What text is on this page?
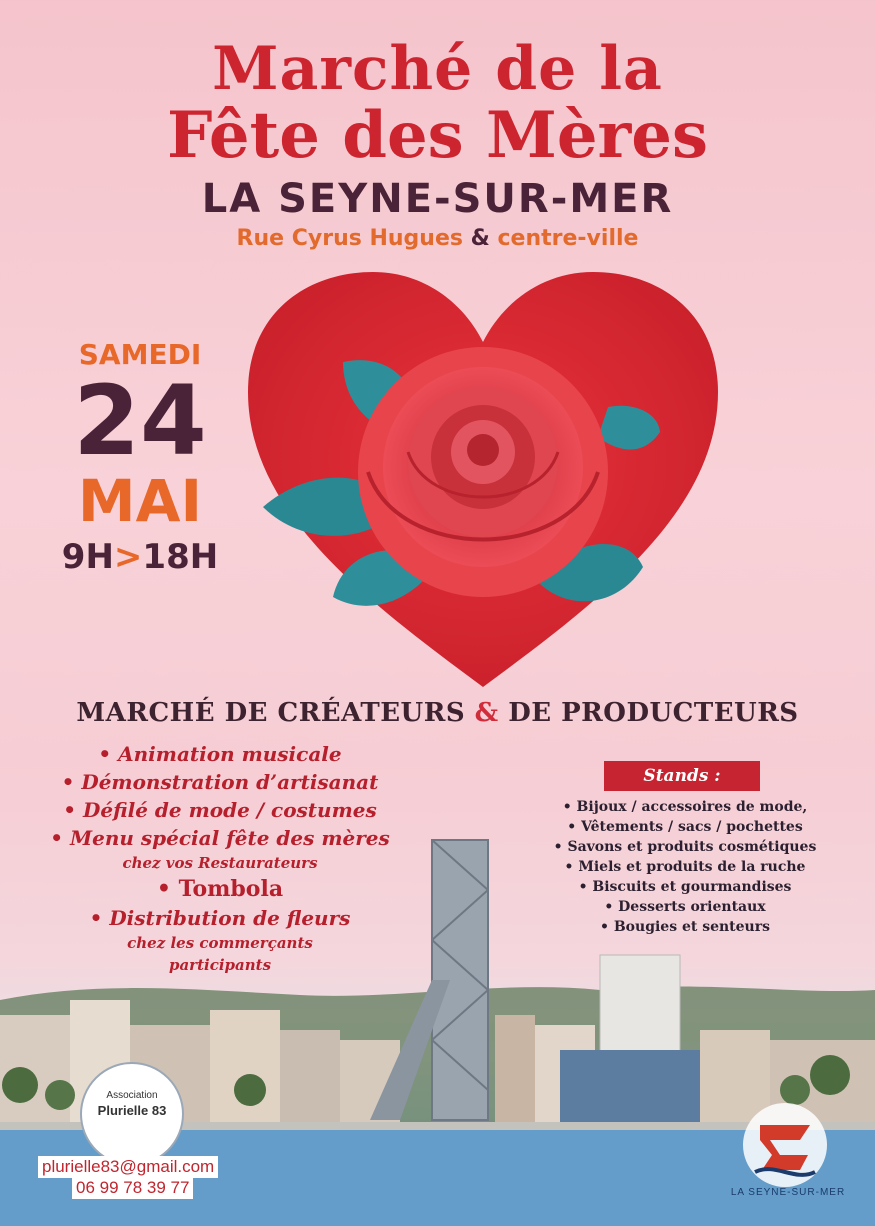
Marché de la
Fête des Mères
LA SEYNE-SUR-MER
Rue Cyrus Hugues & centre-ville
SAMEDI
24
MAI
9H>18H
MARCHÉ DE CRÉATEURS & DE PRODUCTEURS
• Animation musicale
• Démonstration d’artisanat
• Défilé de mode / costumes
• Menu spécial fête des mères
chez vos Restaurateurs
• Tombola
• Distribution de fleurs
chez les commerçants
participants
Stands :
• Bijoux / accessoires de mode,
• Vêtements / sacs / pochettes
• Savons et produits cosmétiques
• Miels et produits de la ruche
• Biscuits et gourmandises
• Desserts orientaux
• Bougies et senteurs
Association
Plurielle 83
plurielle83@gmail.com
06 99 78 39 77	LA SEYNE-SUR-MER
